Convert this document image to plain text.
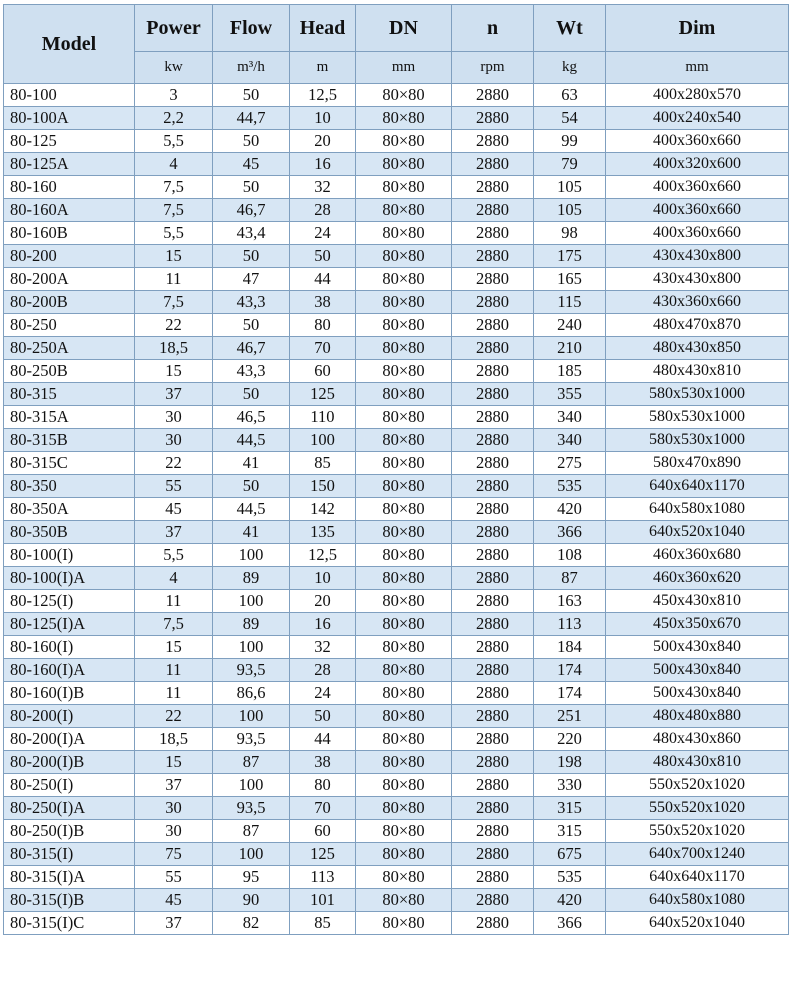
Model	Power	Flow	Head	DN	n	Wt	Dim
	kw	m³/h	m	mm	rpm	kg	mm
80-100	3	50	12,5	80×80	2880	63	400x280x570
80-100A	2,2	44,7	10	80×80	2880	54	400x240x540
80-125	5,5	50	20	80×80	2880	99	400x360x660
80-125A	4	45	16	80×80	2880	79	400x320x600
80-160	7,5	50	32	80×80	2880	105	400x360x660
80-160A	7,5	46,7	28	80×80	2880	105	400x360x660
80-160B	5,5	43,4	24	80×80	2880	98	400x360x660
80-200	15	50	50	80×80	2880	175	430x430x800
80-200A	11	47	44	80×80	2880	165	430x430x800
80-200B	7,5	43,3	38	80×80	2880	115	430x360x660
80-250	22	50	80	80×80	2880	240	480x470x870
80-250A	18,5	46,7	70	80×80	2880	210	480x430x850
80-250B	15	43,3	60	80×80	2880	185	480x430x810
80-315	37	50	125	80×80	2880	355	580x530x1000
80-315A	30	46,5	110	80×80	2880	340	580x530x1000
80-315B	30	44,5	100	80×80	2880	340	580x530x1000
80-315C	22	41	85	80×80	2880	275	580x470x890
80-350	55	50	150	80×80	2880	535	640x640x1170
80-350A	45	44,5	142	80×80	2880	420	640x580x1080
80-350B	37	41	135	80×80	2880	366	640x520x1040
80-100(I)	5,5	100	12,5	80×80	2880	108	460x360x680
80-100(I)A	4	89	10	80×80	2880	87	460x360x620
80-125(I)	11	100	20	80×80	2880	163	450x430x810
80-125(I)A	7,5	89	16	80×80	2880	113	450x350x670
80-160(I)	15	100	32	80×80	2880	184	500x430x840
80-160(I)A	11	93,5	28	80×80	2880	174	500x430x840
80-160(I)B	11	86,6	24	80×80	2880	174	500x430x840
80-200(I)	22	100	50	80×80	2880	251	480x480x880
80-200(I)A	18,5	93,5	44	80×80	2880	220	480x430x860
80-200(I)B	15	87	38	80×80	2880	198	480x430x810
80-250(I)	37	100	80	80×80	2880	330	550x520x1020
80-250(I)A	30	93,5	70	80×80	2880	315	550x520x1020
80-250(I)B	30	87	60	80×80	2880	315	550x520x1020
80-315(I)	75	100	125	80×80	2880	675	640x700x1240
80-315(I)A	55	95	113	80×80	2880	535	640x640x1170
80-315(I)B	45	90	101	80×80	2880	420	640x580x1080
80-315(I)C	37	82	85	80×80	2880	366	640x520x1040
